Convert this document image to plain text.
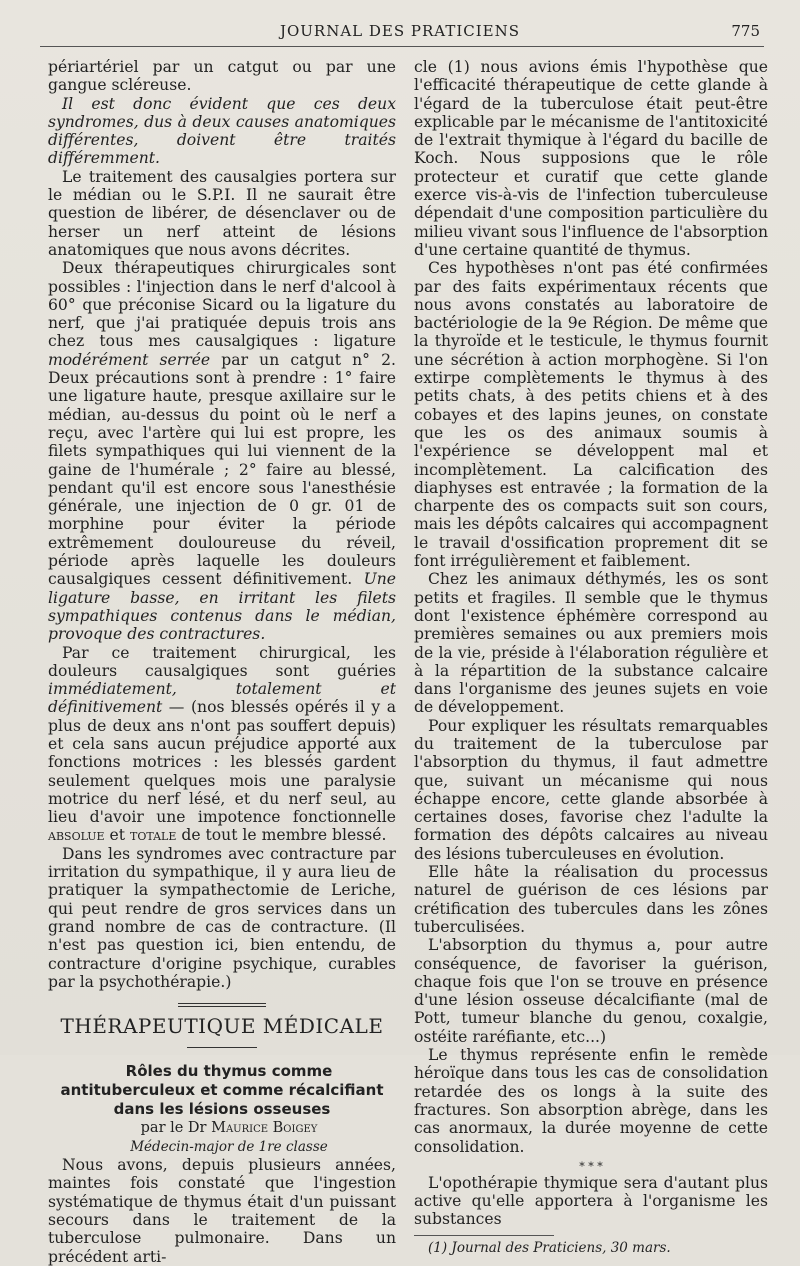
JOURNAL DES PRATICIENS	775

périartériel par un catgut ou par une gangue scléreuse.

Il est donc évident que ces deux syndromes, dus à deux causes anatomiques différentes, doivent être traités différemment.

Le traitement des causalgies portera sur le médian ou le S.P.I. Il ne saurait être question de libérer, de désenclaver ou de herser un nerf atteint de lésions anatomiques que nous avons décrites.

Deux thérapeutiques chirurgicales sont possibles : l'injection dans le nerf d'alcool à 60° que préconise Sicard ou la ligature du nerf, que j'ai pratiquée depuis trois ans chez tous mes causalgiques : ligature modérément serrée par un catgut n° 2. Deux précautions sont à prendre : 1° faire une ligature haute, presque axillaire sur le médian, au-dessus du point où le nerf a reçu, avec l'artère qui lui est propre, les filets sympathiques qui lui viennent de la gaine de l'humérale ; 2° faire au blessé, pendant qu'il est encore sous l'anesthésie générale, une injection de 0 gr. 01 de morphine pour éviter la période extrêmement douloureuse du réveil, période après laquelle les douleurs causalgiques cessent définitivement. Une ligature basse, en irritant les filets sympathiques contenus dans le médian, provoque des contractures.

Par ce traitement chirurgical, les douleurs causalgiques sont guéries immédiatement, totalement et définitivement — (nos blessés opérés il y a plus de deux ans n'ont pas souffert depuis) et cela sans aucun préjudice apporté aux fonctions motrices : les blessés gardent seulement quelques mois une paralysie motrice du nerf lésé, et du nerf seul, au lieu d'avoir une impotence fonctionnelle absolue et totale de tout le membre blessé.

Dans les syndromes avec contracture par irritation du sympathique, il y aura lieu de pratiquer la sympathectomie de Leriche, qui peut rendre de gros services dans un grand nombre de cas de contracture. (Il n'est pas question ici, bien entendu, de contracture d'origine psychique, curables par la psychothérapie.)

THÉRAPEUTIQUE MÉDICALE

Rôles du thymus comme antituberculeux et comme récalcifiant dans les lésions osseuses

par le Dr Maurice Boigey

Médecin-major de 1re classe

Nous avons, depuis plusieurs années, maintes fois constaté que l'ingestion systématique de thymus était d'un puissant secours dans le traitement de la tuberculose pulmonaire. Dans un précédent arti-

cle (1) nous avions émis l'hypothèse que l'efficacité thérapeutique de cette glande à l'égard de la tuberculose était peut-être explicable par le mécanisme de l'antitoxicité de l'extrait thymique à l'égard du bacille de Koch. Nous supposions que le rôle protecteur et curatif que cette glande exerce vis-à-vis de l'infection tuberculeuse dépendait d'une composition particulière du milieu vivant sous l'influence de l'absorption d'une certaine quantité de thymus.

Ces hypothèses n'ont pas été confirmées par des faits expérimentaux récents que nous avons constatés au laboratoire de bactériologie de la 9e Région. De même que la thyroïde et le testicule, le thymus fournit une sécrétion à action morphogène. Si l'on extirpe complètements le thymus à des petits chats, à des petits chiens et à des cobayes et des lapins jeunes, on constate que les os des animaux soumis à l'expérience se développent mal et incomplètement. La calcification des diaphyses est entravée ; la formation de la charpente des os compacts suit son cours, mais les dépôts calcaires qui accompagnent le travail d'ossification proprement dit se font irrégulièrement et faiblement.

Chez les animaux déthymés, les os sont petits et fragiles. Il semble que le thymus dont l'existence éphémère correspond au premières semaines ou aux premiers mois de la vie, préside à l'élaboration régulière et à la répartition de la substance calcaire dans l'organisme des jeunes sujets en voie de développement.

Pour expliquer les résultats remarquables du traitement de la tuberculose par l'absorption du thymus, il faut admettre que, suivant un mécanisme qui nous échappe encore, cette glande absorbée à certaines doses, favorise chez l'adulte la formation des dépôts calcaires au niveau des lésions tuberculeuses en évolution.

Elle hâte la réalisation du processus naturel de guérison de ces lésions par crétification des tubercules dans les zônes tuberculisées.

L'absorption du thymus a, pour autre conséquence, de favoriser la guérison, chaque fois que l'on se trouve en présence d'une lésion osseuse décalcifiante (mal de Pott, tumeur blanche du genou, coxalgie, ostéite raréfiante, etc...)

Le thymus représente enfin le remède héroïque dans tous les cas de consolidation retardée des os longs à la suite des fractures. Son absorption abrège, dans les cas anormaux, la durée moyenne de cette consolidation.

* * *

L'opothérapie thymique sera d'autant plus active qu'elle apportera à l'organisme les substances

(1) Journal des Praticiens, 30 mars.
